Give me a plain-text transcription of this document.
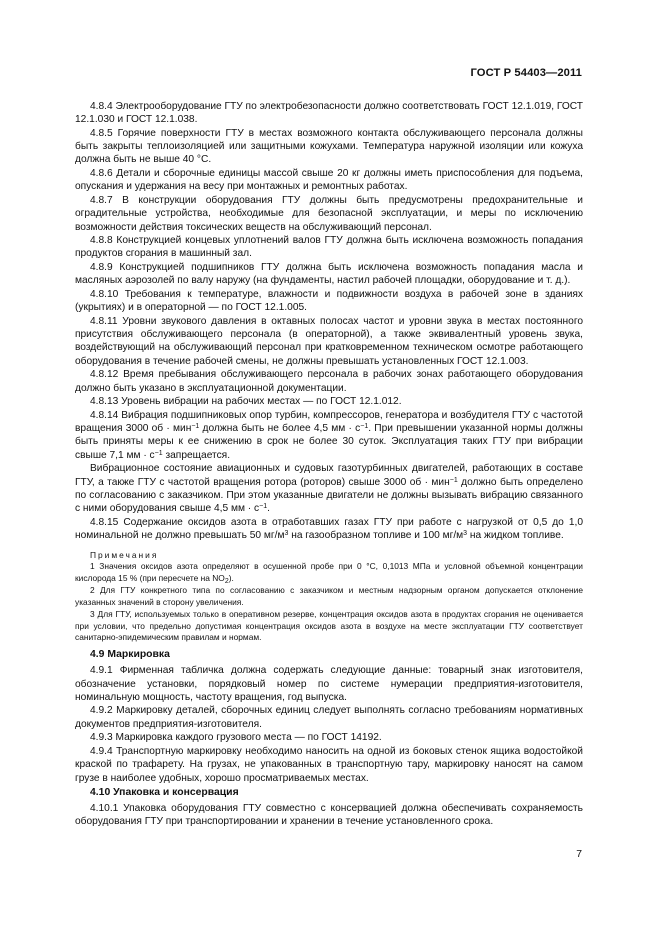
ГОСТ Р 54403—2011

4.8.4 Электрооборудование ГТУ по электробезопасности должно соответствовать ГОСТ 12.1.019, ГОСТ 12.1.030 и ГОСТ 12.1.038.

4.8.5 Горячие поверхности ГТУ в местах возможного контакта обслуживающего персонала должны быть закрыты теплоизоляцией или защитными кожухами. Температура наружной изоляции или кожуха должна быть не выше 40 °С.

4.8.6 Детали и сборочные единицы массой свыше 20 кг должны иметь приспособления для подъема, опускания и удержания на весу при монтажных и ремонтных работах.

4.8.7 В конструкции оборудования ГТУ должны быть предусмотрены предохранительные и оградительные устройства, необходимые для безопасной эксплуатации, и меры по исключению возможности действия токсических веществ на обслуживающий персонал.

4.8.8 Конструкцией концевых уплотнений валов ГТУ должна быть исключена возможность попадания продуктов сгорания в машинный зал.

4.8.9 Конструкцией подшипников ГТУ должна быть исключена возможность попадания масла и масляных аэрозолей по валу наружу (на фундаменты, настил рабочей площадки, оборудование и т. д.).

4.8.10 Требования к температуре, влажности и подвижности воздуха в рабочей зоне в зданиях (укрытиях) и в операторной — по ГОСТ 12.1.005.

4.8.11 Уровни звукового давления в октавных полосах частот и уровни звука в местах постоянного присутствия обслуживающего персонала (в операторной), а также эквивалентный уровень звука, воздействующий на обслуживающий персонал при кратковременном техническом осмотре работающего оборудования в течение рабочей смены, не должны превышать установленных ГОСТ 12.1.003.

4.8.12 Время пребывания обслуживающего персонала в рабочих зонах работающего оборудования должно быть указано в эксплуатационной документации.

4.8.13 Уровень вибрации на рабочих местах — по ГОСТ 12.1.012.

4.8.14 Вибрация подшипниковых опор турбин, компрессоров, генератора и возбудителя ГТУ с частотой вращения 3000 об · мин$^{-1}$ должна быть не более 4,5 мм · $с^{-1}$. При превышении указанной нормы должны быть приняты меры к ее снижению в срок не более 30 суток. Эксплуатация таких ГТУ при вибрации свыше 7,1 мм · $с^{-1}$ запрещается.

Вибрационное состояние авиационных и судовых газотурбинных двигателей, работающих в составе ГТУ, а также ГТУ с частотой вращения ротора (роторов) свыше 3000 об · мин$^{-1}$ должно быть определено по согласованию с заказчиком. При этом указанные двигатели не должны вызывать вибрацию связанного с ними оборудования свыше 4,5 мм · $с^{-1}$.

4.8.15 Содержание оксидов азота в отработавших газах ГТУ при работе с нагрузкой от 0,5 до 1,0 номинальной не должно превышать 50 $мг/м^3$ на газообразном топливе и 100 $мг/м^3$ на жидком топливе.

Примечания

1 Значения оксидов азота определяют в осушенной пробе при 0 °С, 0,1013 МПа и условной объемной концентрации кислорода 15 % (при пересчете на $NO_2$).

2 Для ГТУ конкретного типа по согласованию с заказчиком и местным надзорным органом допускается отклонение указанных значений в сторону увеличения.

3 Для ГТУ, используемых только в оперативном резерве, концентрация оксидов азота в продуктах сгорания не оценивается при условии, что предельно допустимая концентрация оксидов азота в воздухе на месте эксплуатации ГТУ соответствует санитарно-эпидемическим правилам и нормам.

4.9 Маркировка

4.9.1 Фирменная табличка должна содержать следующие данные: товарный знак изготовителя, обозначение установки, порядковый номер по системе нумерации предприятия-изготовителя, номинальную мощность, частоту вращения, год выпуска.

4.9.2 Маркировку деталей, сборочных единиц следует выполнять согласно требованиям нормативных документов предприятия-изготовителя.

4.9.3 Маркировка каждого грузового места — по ГОСТ 14192.

4.9.4 Транспортную маркировку необходимо наносить на одной из боковых стенок ящика водостойкой краской по трафарету. На грузах, не упакованных в транспортную тару, маркировку наносят на самом грузе в наиболее удобных, хорошо просматриваемых местах.

4.10 Упаковка и консервация

4.10.1 Упаковка оборудования ГТУ совместно с консервацией должна обеспечивать сохраняемость оборудования ГТУ при транспортировании и хранении в течение установленного срока.

7
